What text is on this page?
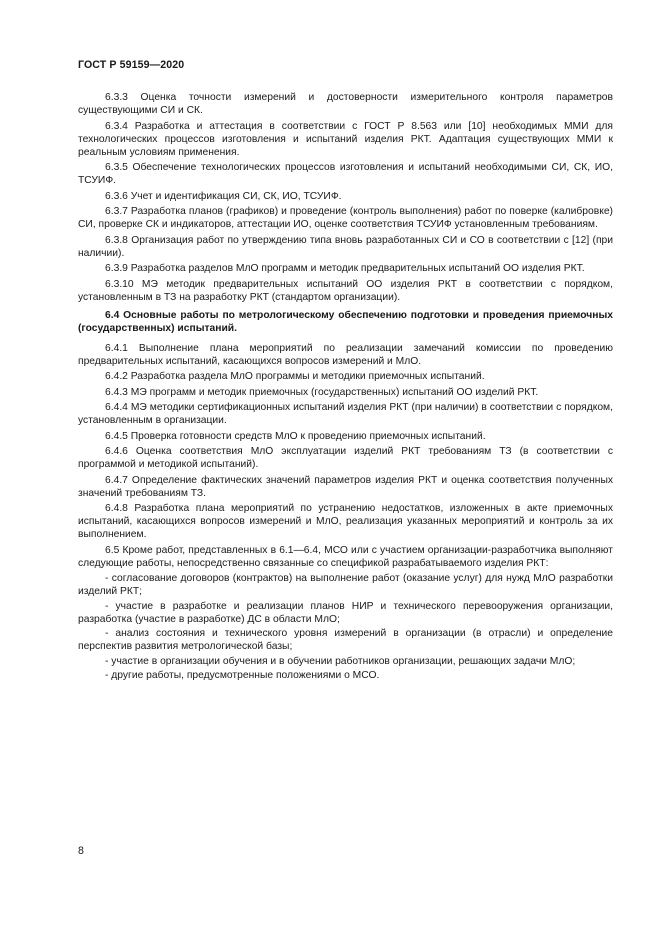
ГОСТ Р 59159—2020

6.3.3 Оценка точности измерений и достоверности измерительного контроля параметров существующими СИ и СК.

6.3.4 Разработка и аттестация в соответствии с ГОСТ Р 8.563 или [10] необходимых ММИ для технологических процессов изготовления и испытаний изделия РКТ. Адаптация существующих ММИ к реальным условиям применения.

6.3.5 Обеспечение технологических процессов изготовления и испытаний необходимыми СИ, СК, ИО, ТСУИФ.

6.3.6 Учет и идентификация СИ, СК, ИО, ТСУИФ.

6.3.7 Разработка планов (графиков) и проведение (контроль выполнения) работ по поверке (калибровке) СИ, проверке СК и индикаторов, аттестации ИО, оценке соответствия ТСУИФ установленным требованиям.

6.3.8 Организация работ по утверждению типа вновь разработанных СИ и СО в соответствии с [12] (при наличии).

6.3.9 Разработка разделов МлО программ и методик предварительных испытаний ОО изделия РКТ.

6.3.10 МЭ методик предварительных испытаний ОО изделия РКТ в соответствии с порядком, установленным в ТЗ на разработку РКТ (стандартом организации).

6.4 Основные работы по метрологическому обеспечению подготовки и проведения приемочных (государственных) испытаний.

6.4.1 Выполнение плана мероприятий по реализации замечаний комиссии по проведению предварительных испытаний, касающихся вопросов измерений и МлО.

6.4.2 Разработка раздела МлО программы и методики приемочных испытаний.

6.4.3 МЭ программ и методик приемочных (государственных) испытаний ОО изделий РКТ.

6.4.4 МЭ методики сертификационных испытаний изделия РКТ (при наличии) в соответствии с порядком, установленным в организации.

6.4.5 Проверка готовности средств МлО к проведению приемочных испытаний.

6.4.6 Оценка соответствия МлО эксплуатации изделий РКТ требованиям ТЗ (в соответствии с программой и методикой испытаний).

6.4.7 Определение фактических значений параметров изделия РКТ и оценка соответствия полученных значений требованиям ТЗ.

6.4.8 Разработка плана мероприятий по устранению недостатков, изложенных в акте приемочных испытаний, касающихся вопросов измерений и МлО, реализация указанных мероприятий и контроль за их выполнением.

6.5 Кроме работ, представленных в 6.1—6.4, МСО или с участием организации-разработчика выполняют следующие работы, непосредственно связанные со спецификой разрабатываемого изделия РКТ:

- согласование договоров (контрактов) на выполнение работ (оказание услуг) для нужд МлО разработки изделий РКТ;

- участие в разработке и реализации планов НИР и технического перевооружения организации, разработка (участие в разработке) ДС в области МлО;

- анализ состояния и технического уровня измерений в организации (в отрасли) и определение перспектив развития метрологической базы;

- участие в организации обучения и в обучении работников организации, решающих задачи МлО;

- другие работы, предусмотренные положениями о МСО.

8
